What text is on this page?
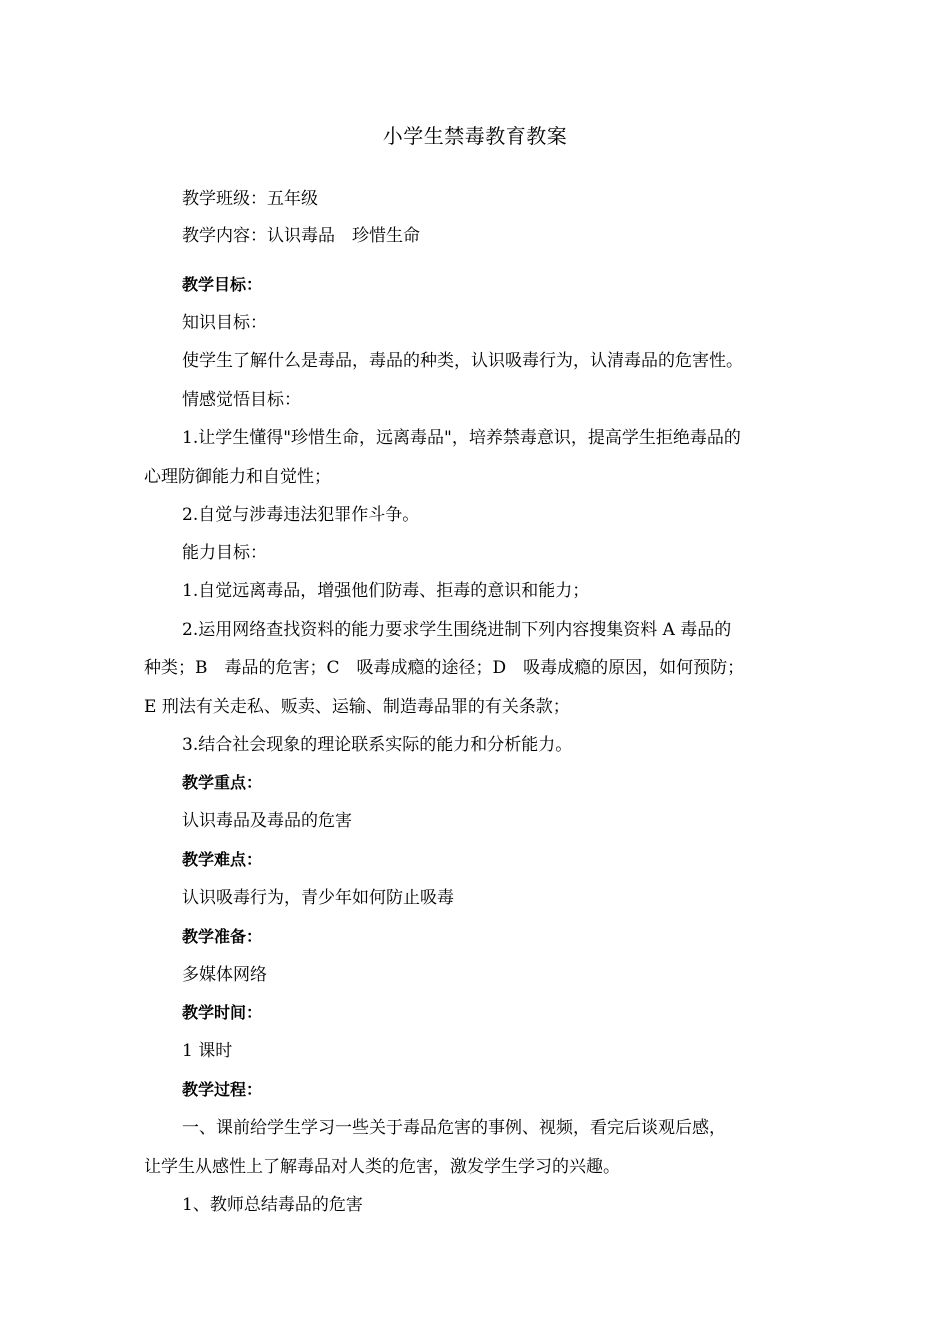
小学生禁毒教育教案
教学班级：五年级
教学内容：认识毒品　珍惜生命
教学目标：
知识目标：
使学生了解什么是毒品，毒品的种类，认识吸毒行为，认清毒品的危害性。
情感觉悟目标：
1.让学生懂得"珍惜生命，远离毒品"，培养禁毒意识，提高学生拒绝毒品的
心理防御能力和自觉性；
2.自觉与涉毒违法犯罪作斗争。
能力目标：
1.自觉远离毒品，增强他们防毒、拒毒的意识和能力；
2.运用网络查找资料的能力要求学生围绕进制下列内容搜集资料 A 毒品的
种类；B　毒品的危害；C　吸毒成瘾的途径；D　吸毒成瘾的原因，如何预防；
E 刑法有关走私、贩卖、运输、制造毒品罪的有关条款；
3.结合社会现象的理论联系实际的能力和分析能力。
教学重点：
认识毒品及毒品的危害
教学难点：
认识吸毒行为，青少年如何防止吸毒
教学准备：
多媒体网络
教学时间：
1 课时
教学过程：
一、课前给学生学习一些关于毒品危害的事例、视频，看完后谈观后感，
让学生从感性上了解毒品对人类的危害，激发学生学习的兴趣。
1、教师总结毒品的危害
